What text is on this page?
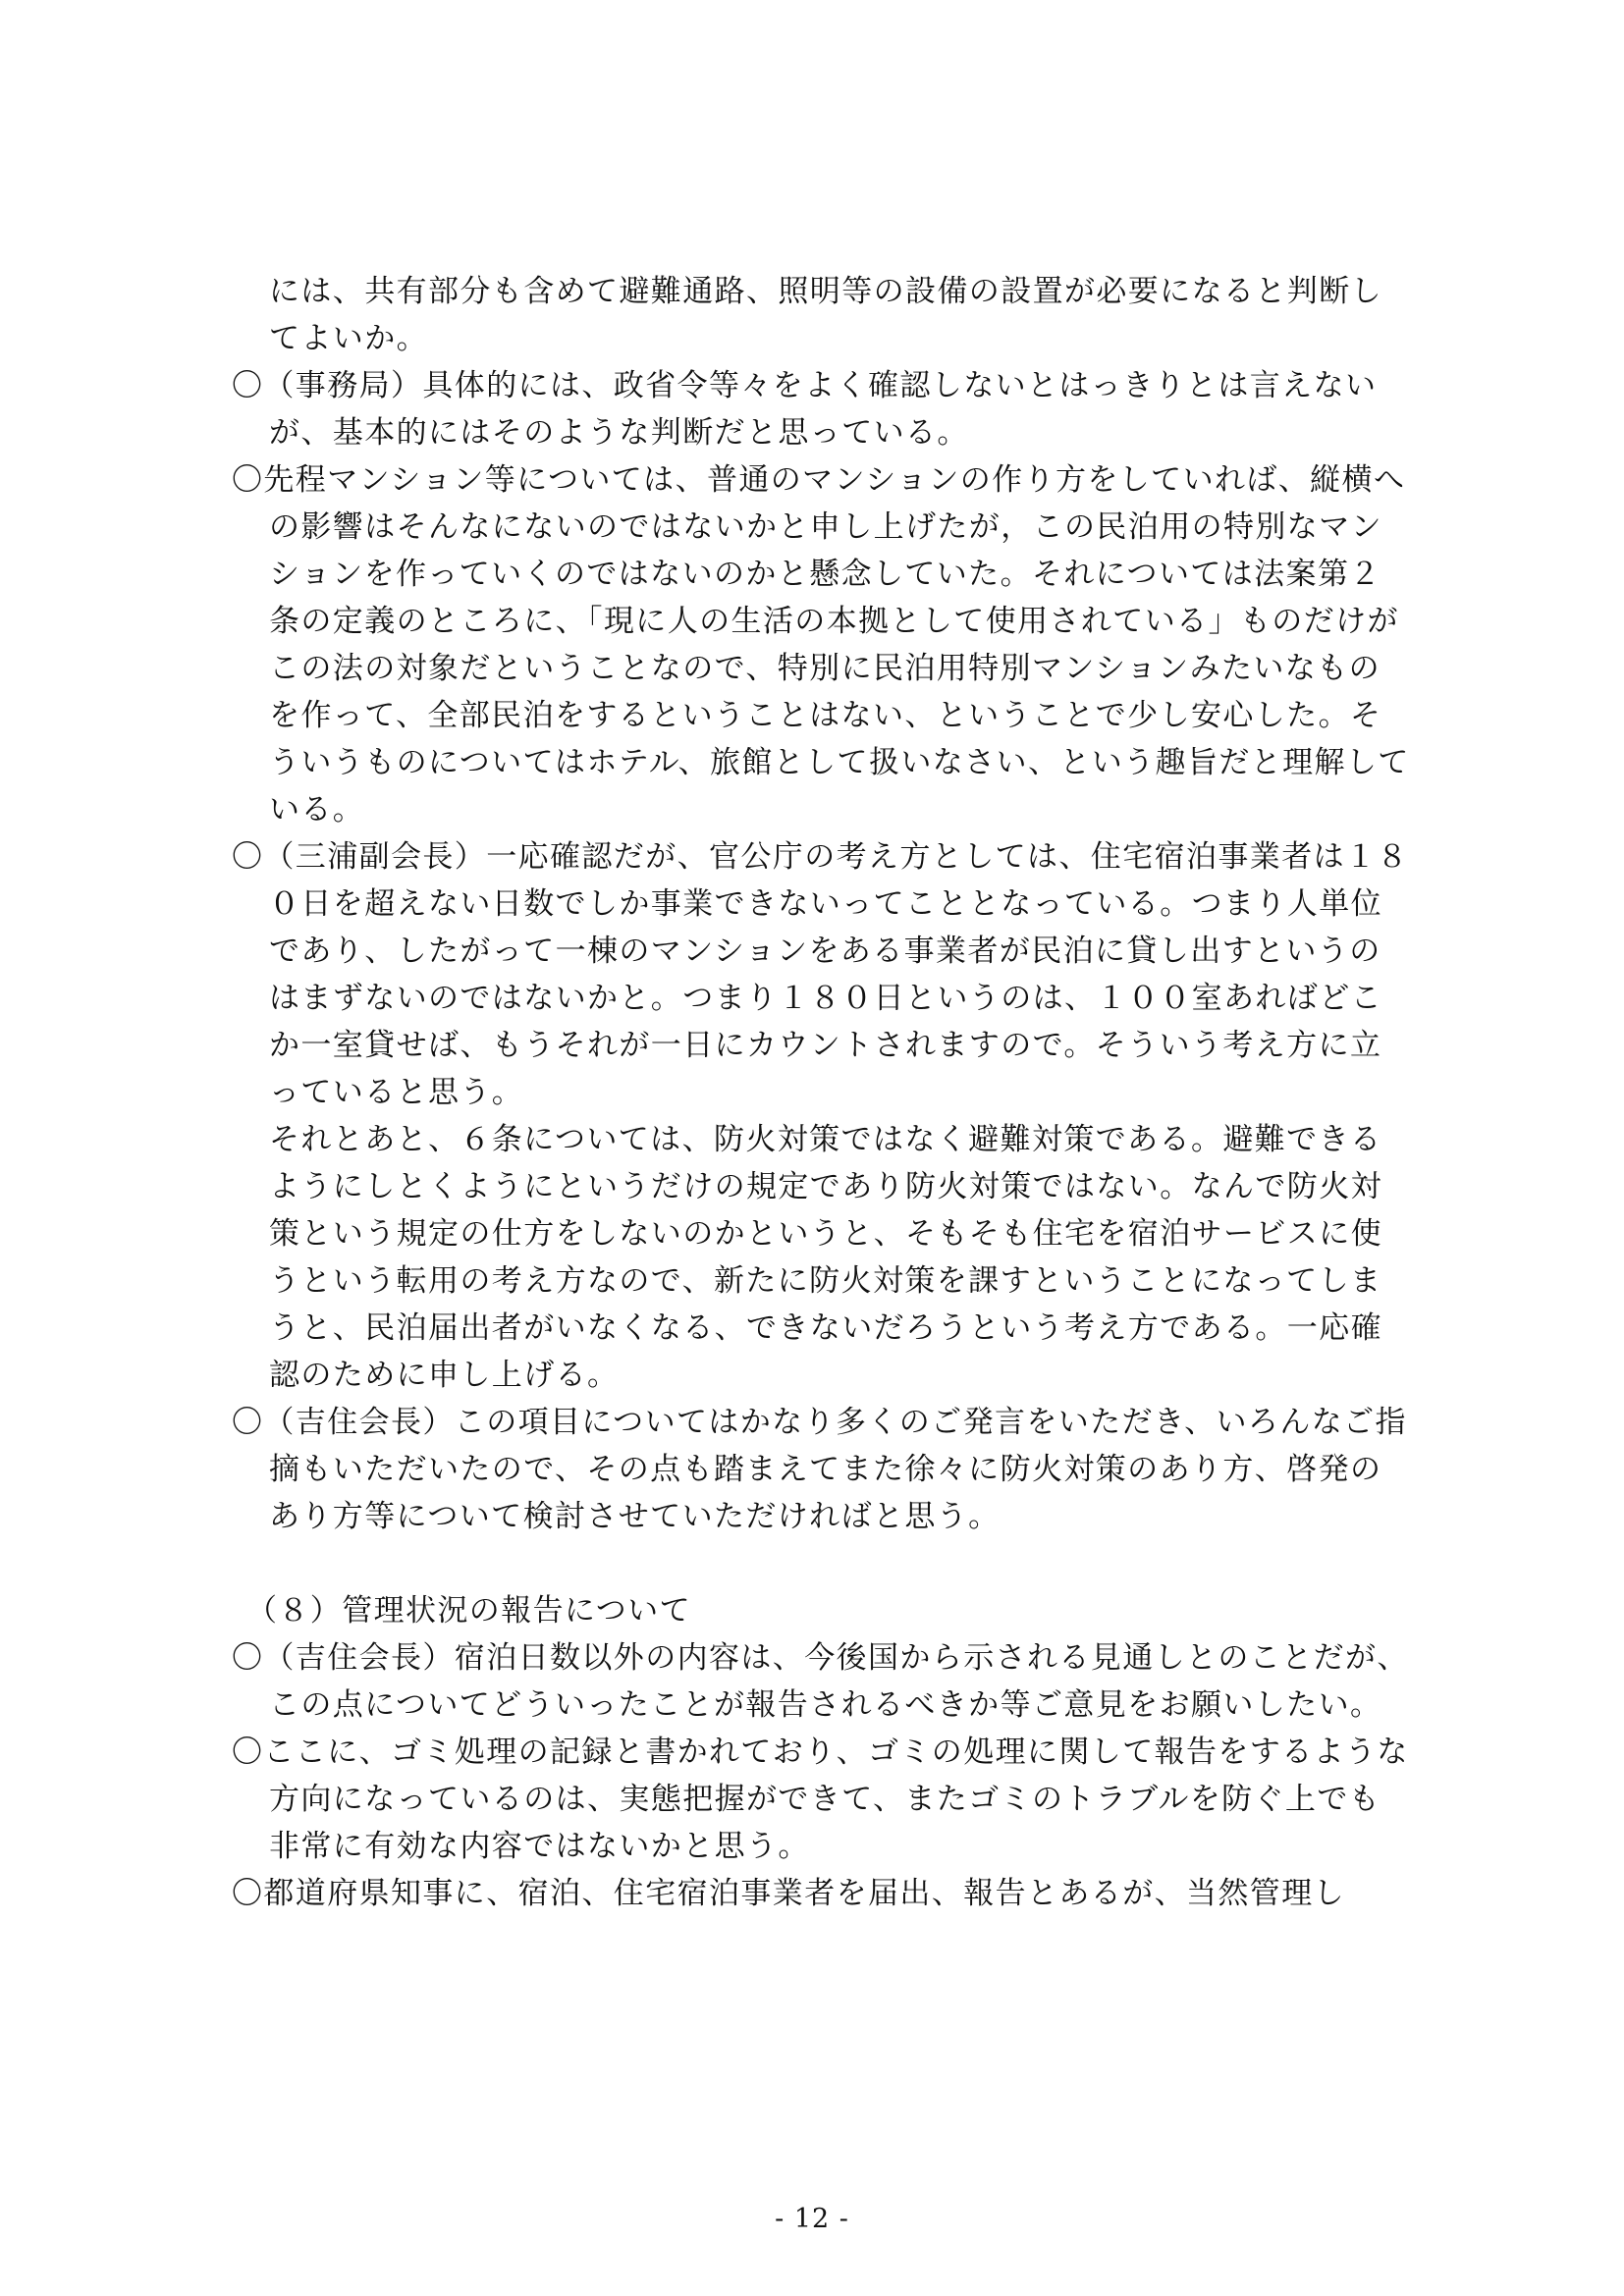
には、共有部分も含めて避難通路、照明等の設備の設置が必要になると判断してよいか。

〇（事務局）具体的には、政省令等々をよく確認しないとはっきりとは言えないが、基本的にはそのような判断だと思っている。

〇先程マンション等については、普通のマンションの作り方をしていれば、縦横への影響はそんなにないのではないかと申し上げたが，この民泊用の特別なマンションを作っていくのではないのかと懸念していた。それについては法案第２条の定義のところに、「現に人の生活の本拠として使用されている」ものだけがこの法の対象だということなので、特別に民泊用特別マンションみたいなものを作って、全部民泊をするということはない、ということで少し安心した。そういうものについてはホテル、旅館として扱いなさい、という趣旨だと理解している。

〇（三浦副会長）一応確認だが、官公庁の考え方としては、住宅宿泊事業者は１８０日を超えない日数でしか事業できないってこととなっている。つまり人単位であり、したがって一棟のマンションをある事業者が民泊に貸し出すというのはまずないのではないかと。つまり１８０日というのは、１００室あればどこか一室貸せば、もうそれが一日にカウントされますので。そういう考え方に立っていると思う。

それとあと、６条については、防火対策ではなく避難対策である。避難できるようにしとくようにというだけの規定であり防火対策ではない。なんで防火対策という規定の仕方をしないのかというと、そもそも住宅を宿泊サービスに使うという転用の考え方なので、新たに防火対策を課すということになってしまうと、民泊届出者がいなくなる、できないだろうという考え方である。一応確認のために申し上げる。

〇（吉住会長）この項目についてはかなり多くのご発言をいただき、いろんなご指摘もいただいたので、その点も踏まえてまた徐々に防火対策のあり方、啓発のあり方等について検討させていただければと思う。

（８）管理状況の報告について

〇（吉住会長）宿泊日数以外の内容は、今後国から示される見通しとのことだが、この点についてどういったことが報告されるべきか等ご意見をお願いしたい。

〇ここに、ゴミ処理の記録と書かれており、ゴミの処理に関して報告をするような方向になっているのは、実態把握ができて、またゴミのトラブルを防ぐ上でも非常に有効な内容ではないかと思う。

〇都道府県知事に、宿泊、住宅宿泊事業者を届出、報告とあるが、当然管理し

- 12 -
